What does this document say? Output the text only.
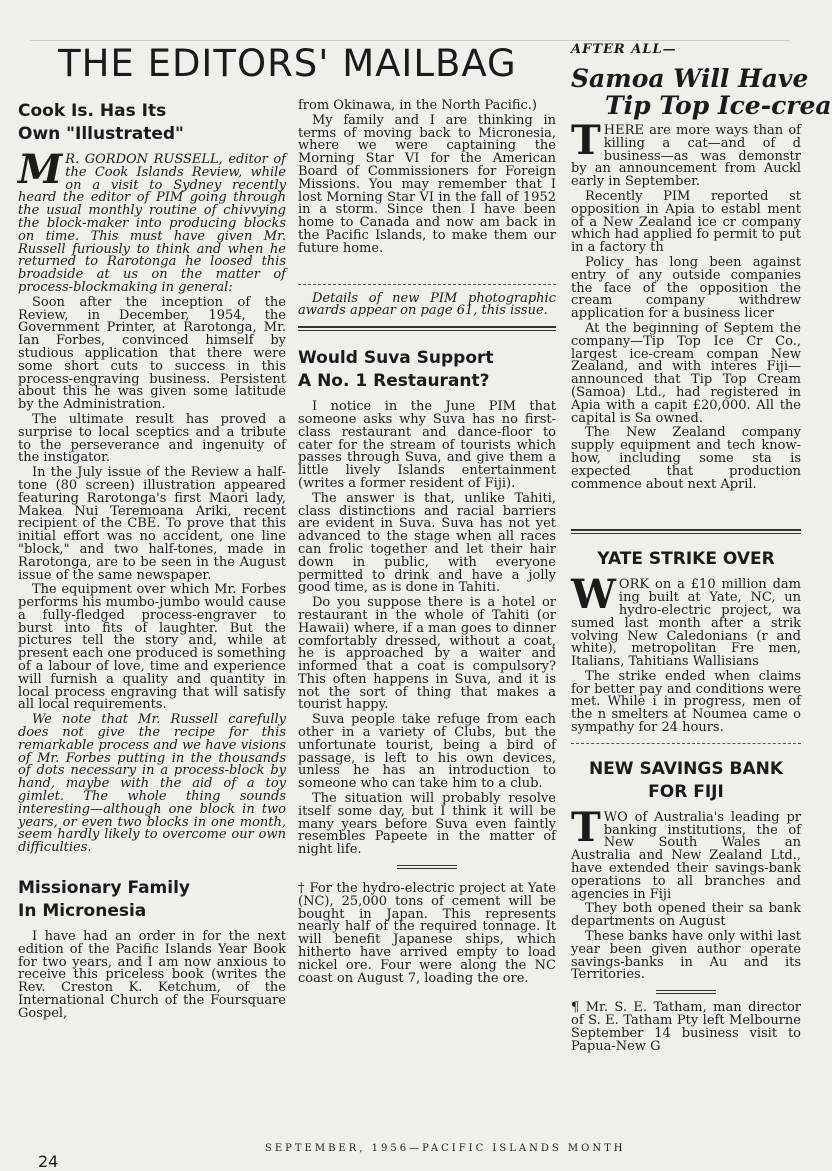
THE EDITORS' MAILBAG	AFTER ALL—
Samoa Will Have
Tip Top Ice-crea
Cook Is. Has Its
Own "Illustrated"

M R. GORDON RUSSELL, editor of the Cook Islands Review, while on a visit to Sydney recently heard the editor of PIM going through the usual monthly routine of chivvying the block-maker into producing blocks on time. This must have given Mr. Russell furiously to think and when he returned to Rarotonga he loosed this broadside at us on the matter of process-blockmaking in general:

Soon after the inception of the Review, in December, 1954, the Government Printer, at Rarotonga, Mr. Ian Forbes, convinced himself by studious application that there were some short cuts to success in this process-engraving business. Persistent about this he was given some latitude by the Administration.

The ultimate result has proved a surprise to local sceptics and a tribute to the perseverance and ingenuity of the instigator.

In the July issue of the Review a half-tone (80 screen) illustration appeared featuring Rarotonga's first Maori lady, Makea Nui Teremoana Ariki, recent recipient of the CBE. To prove that this initial effort was no accident, one line "block," and two half-tones, made in Rarotonga, are to be seen in the August issue of the same newspaper.

The equipment over which Mr. Forbes performs his mumbo-jumbo would cause a fully-fledged process-engraver to burst into fits of laughter. But the pictures tell the story and, while at present each one produced is something of a labour of love, time and experience will furnish a quality and quantity in local process engraving that will satisfy all local requirements.

We note that Mr. Russell carefully does not give the recipe for this remarkable process and we have visions of Mr. Forbes putting in the thousands of dots necessary in a process-block by hand, maybe with the aid of a toy gimlet. The whole thing sounds interesting—although one block in two years, or even two blocks in one month, seem hardly likely to overcome our own difficulties.

Missionary Family
In Micronesia

I have had an order in for the next edition of the Pacific Islands Year Book for two years, and I am now anxious to receive this priceless book (writes the Rev. Creston K. Ketchum, of the International Church of the Foursquare Gospel,

from Okinawa, in the North Pacific.)

My family and I are thinking in terms of moving back to Micronesia, where we were captaining the Morning Star VI for the American Board of Commissioners for Foreign Missions. You may remember that I lost Morning Star VI in the fall of 1952 in a storm. Since then I have been home to Canada and now am back in the Pacific Islands, to make them our future home.

Details of new PIM photographic awards appear on page 61, this issue.

Would Suva Support
A No. 1 Restaurant?

I notice in the June PIM that someone asks why Suva has no first-class restaurant and dance-floor to cater for the stream of tourists which passes through Suva, and give them a little lively Islands entertainment (writes a former resident of Fiji).

The answer is that, unlike Tahiti, class distinctions and racial barriers are evident in Suva. Suva has not yet advanced to the stage when all races can frolic together and let their hair down in public, with everyone permitted to drink and have a jolly good time, as is done in Tahiti.

Do you suppose there is a hotel or restaurant in the whole of Tahiti (or Hawaii) where, if a man goes to dinner comfortably dressed, without a coat, he is approached by a waiter and informed that a coat is compulsory? This often happens in Suva, and it is not the sort of thing that makes a tourist happy.

Suva people take refuge from each other in a variety of Clubs, but the unfortunate tourist, being a bird of passage, is left to his own devices, unless he has an introduction to someone who can take him to a club.

The situation will probably resolve itself some day, but I think it will be many years before Suva even faintly resembles Papeete in the matter of night life.

† For the hydro-electric project at Yate (NC), 25,000 tons of cement will be bought in Japan. This represents nearly half of the required tonnage. It will benefit Japanese ships, which hitherto have arrived empty to load nickel ore. Four were along the NC coast on August 7, loading the ore.

THERE are more ways than of killing a cat—and of d business—as was demonstr by an announcement from Auckl early in September.

Recently PIM reported st opposition in Apia to establ ment of a New Zealand ice cr company which had applied fo permit to put in a factory th

Policy has long been against entry of any outside companies the face of the opposition the cream company withdrew application for a business licer

At the beginning of Septem the company—Tip Top Ice Cr Co., largest ice-cream compan New Zealand, and with interes Fiji—announced that Tip Top Cream (Samoa) Ltd., had registered in Apia with a capit £20,000. All the capital is Sa owned.

The New Zealand company supply equipment and tech know-how, including some sta is expected that production commence about next April.

YATE STRIKE OVER

WORK on a £10 million dam ing built at Yate, NC, un hydro-electric project, wa sumed last month after a strik volving New Caledonians (r and white), metropolitan Fre men, Italians, Tahitians Wallisians

The strike ended when claims for better pay and conditions were met. While i in progress, men of the n smelters at Noumea came o sympathy for 24 hours.

NEW SAVINGS BANK
FOR FIJI

TWO of Australia's leading pr banking institutions, the of New South Wales an Australia and New Zealand Ltd., have extended their savings-bank operations to all branches and agencies in Fiji

They both opened their sa bank departments on August

These banks have only withi last year been given author operate savings-banks in Au and its Territories.

¶ Mr. S. E. Tatham, man director of S. E. Tatham Pty left Melbourne September 14 business visit to Papua-New G

SEPTEMBER, 1956—PACIFIC ISLANDS MONTH
24
